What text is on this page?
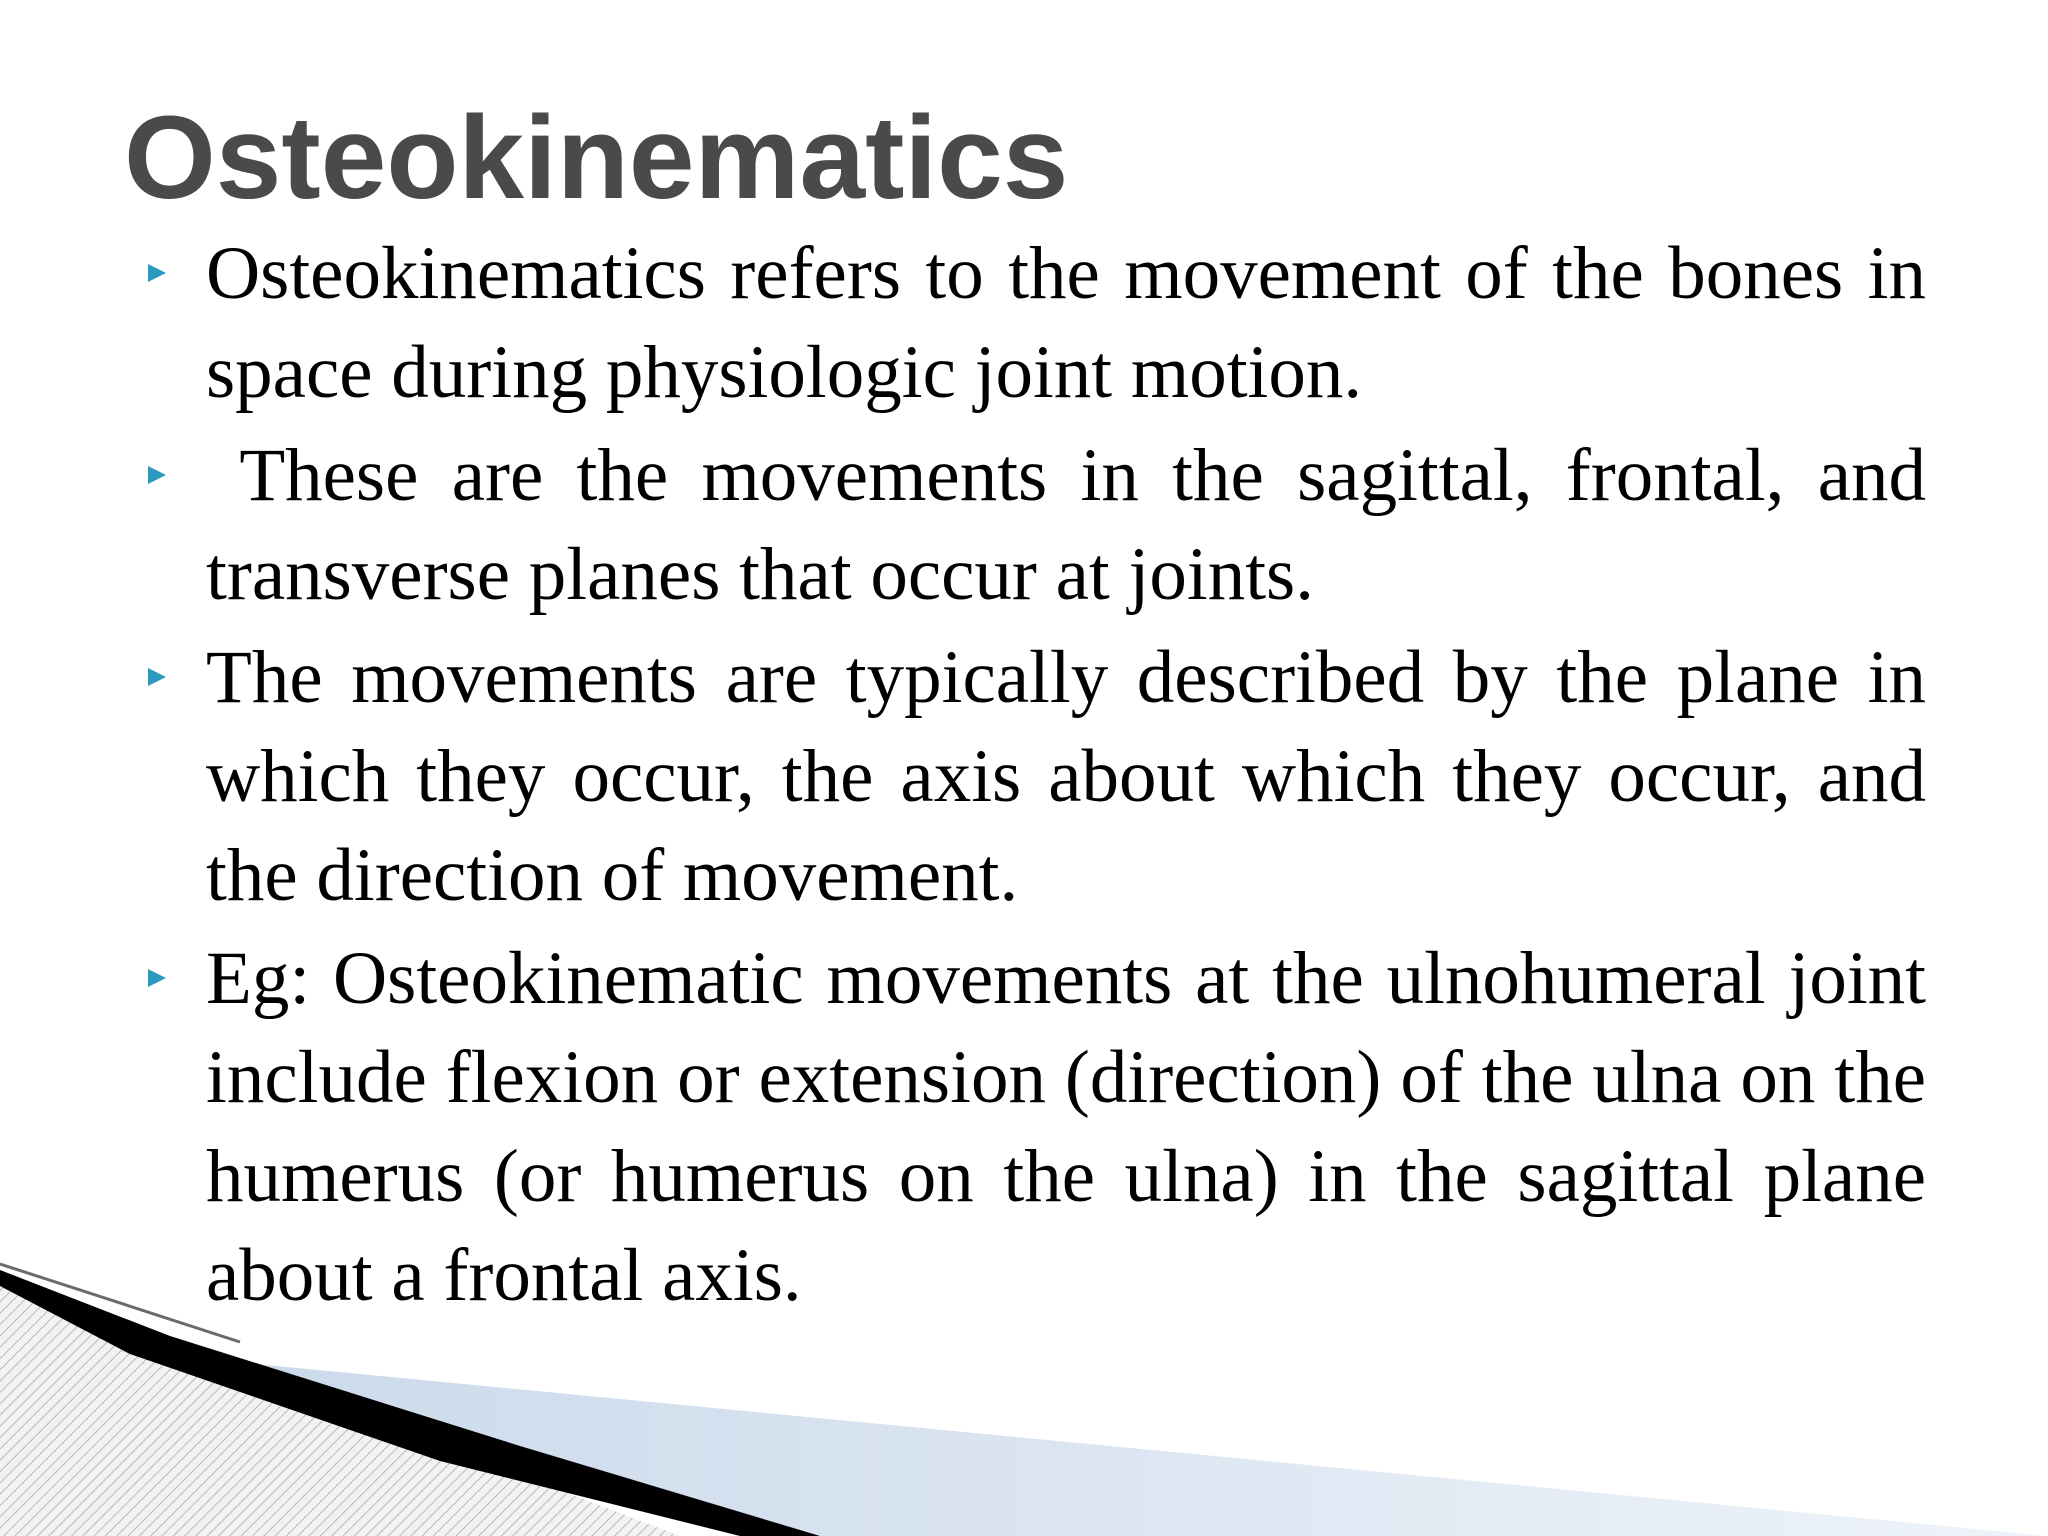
Osteokinematics
Osteokinematics refers to the movement of the bones in space during physiologic joint motion.
These are the movements in the sagittal, frontal, and transverse planes that occur at joints.
The movements are typically described by the plane in which they occur, the axis about which they occur, and the direction of movement.
Eg: Osteokinematic movements at the ulnohumeral joint include flexion or extension (direction) of the ulna on the humerus (or humerus on the ulna) in the sagittal plane about a frontal axis.
